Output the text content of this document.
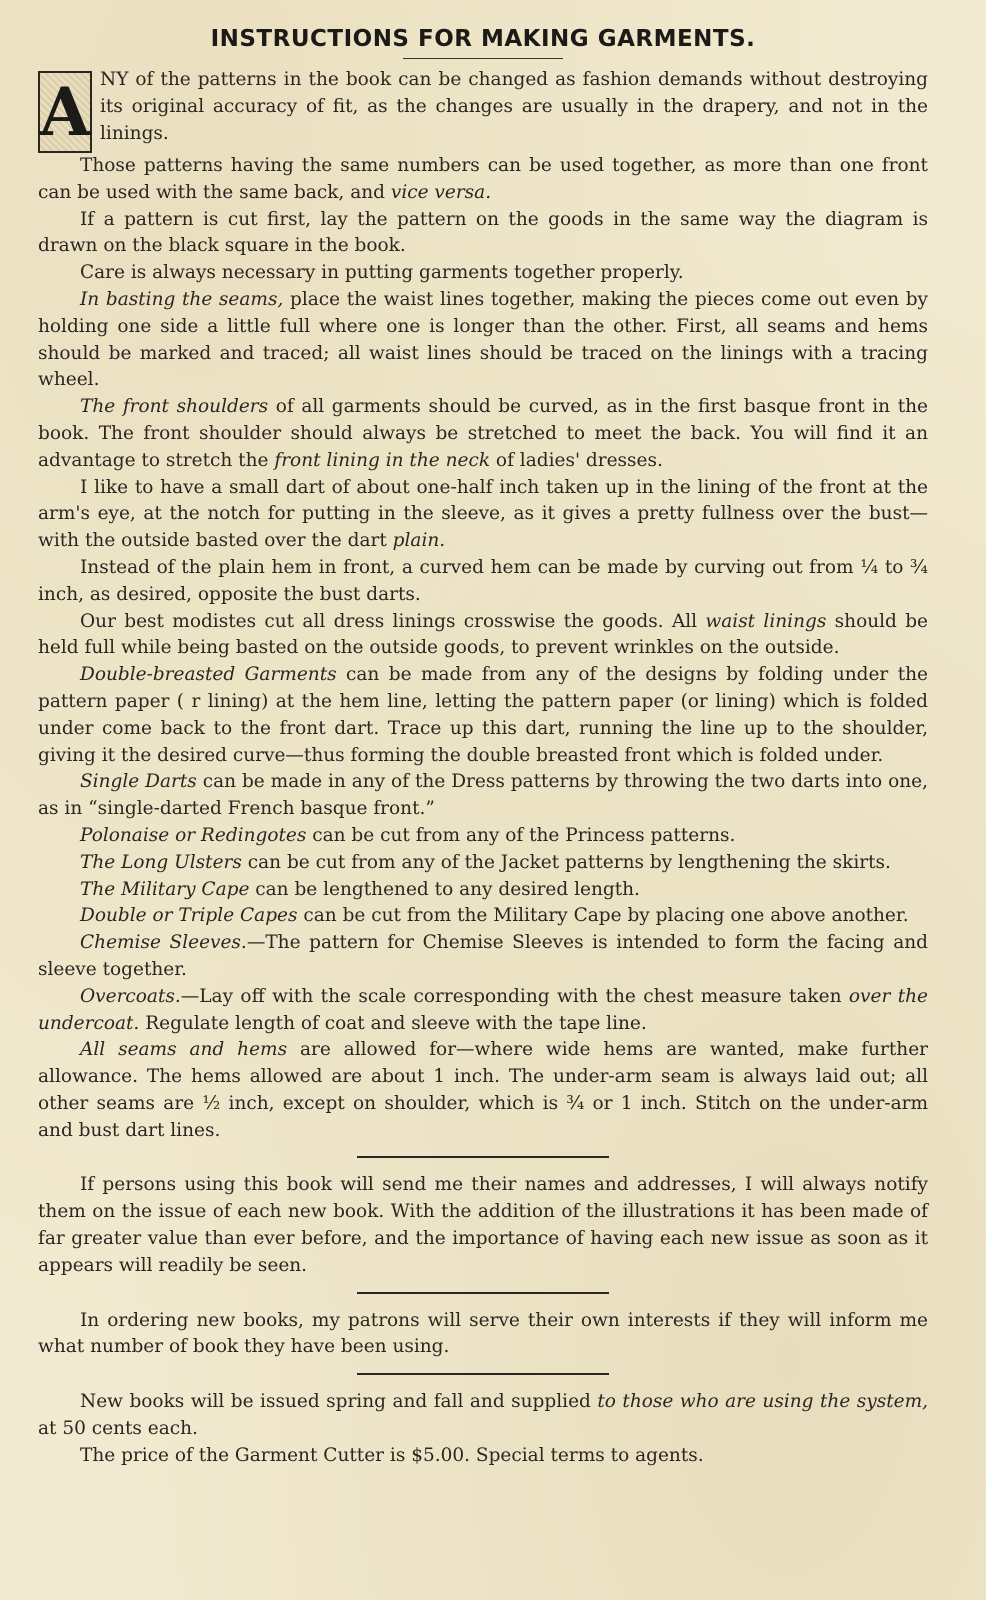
INSTRUCTIONS FOR MAKING GARMENTS.

A NY of the patterns in the book can be changed as fashion demands without destroying its original accuracy of fit, as the changes are usually in the drapery, and not in the linings.

Those patterns having the same numbers can be used together, as more than one front can be used with the same back, and vice versa.

If a pattern is cut first, lay the pattern on the goods in the same way the diagram is drawn on the black square in the book.

Care is always necessary in putting garments together properly.

In basting the seams, place the waist lines together, making the pieces come out even by holding one side a little full where one is longer than the other. First, all seams and hems should be marked and traced; all waist lines should be traced on the linings with a tracing wheel.

The front shoulders of all garments should be curved, as in the first basque front in the book. The front shoulder should always be stretched to meet the back. You will find it an advantage to stretch the front lining in the neck of ladies' dresses.

I like to have a small dart of about one-half inch taken up in the lining of the front at the arm's eye, at the notch for putting in the sleeve, as it gives a pretty fullness over the bust—with the outside basted over the dart plain.

Instead of the plain hem in front, a curved hem can be made by curving out from ¼ to ¾ inch, as desired, opposite the bust darts.

Our best modistes cut all dress linings crosswise the goods. All waist linings should be held full while being basted on the outside goods, to prevent wrinkles on the outside.

Double-breasted Garments can be made from any of the designs by folding under the pattern paper ( r lining) at the hem line, letting the pattern paper (or lining) which is folded under come back to the front dart. Trace up this dart, running the line up to the shoulder, giving it the desired curve—thus forming the double breasted front which is folded under.

Single Darts can be made in any of the Dress patterns by throwing the two darts into one, as in “single-darted French basque front.”

Polonaise or Redingotes can be cut from any of the Princess patterns.

The Long Ulsters can be cut from any of the Jacket patterns by lengthening the skirts.

The Military Cape can be lengthened to any desired length.

Double or Triple Capes can be cut from the Military Cape by placing one above another.

Chemise Sleeves.—The pattern for Chemise Sleeves is intended to form the facing and sleeve together.

Overcoats.—Lay off with the scale corresponding with the chest measure taken over the undercoat. Regulate length of coat and sleeve with the tape line.

All seams and hems are allowed for—where wide hems are wanted, make further allowance. The hems allowed are about 1 inch. The under-arm seam is always laid out; all other seams are ½ inch, except on shoulder, which is ¾ or 1 inch. Stitch on the under-arm and bust dart lines.

If persons using this book will send me their names and addresses, I will always notify them on the issue of each new book. With the addition of the illustrations it has been made of far greater value than ever before, and the importance of having each new issue as soon as it appears will readily be seen.

In ordering new books, my patrons will serve their own interests if they will inform me what number of book they have been using.

New books will be issued spring and fall and supplied to those who are using the system, at 50 cents each.

The price of the Garment Cutter is $5.00. Special terms to agents.
